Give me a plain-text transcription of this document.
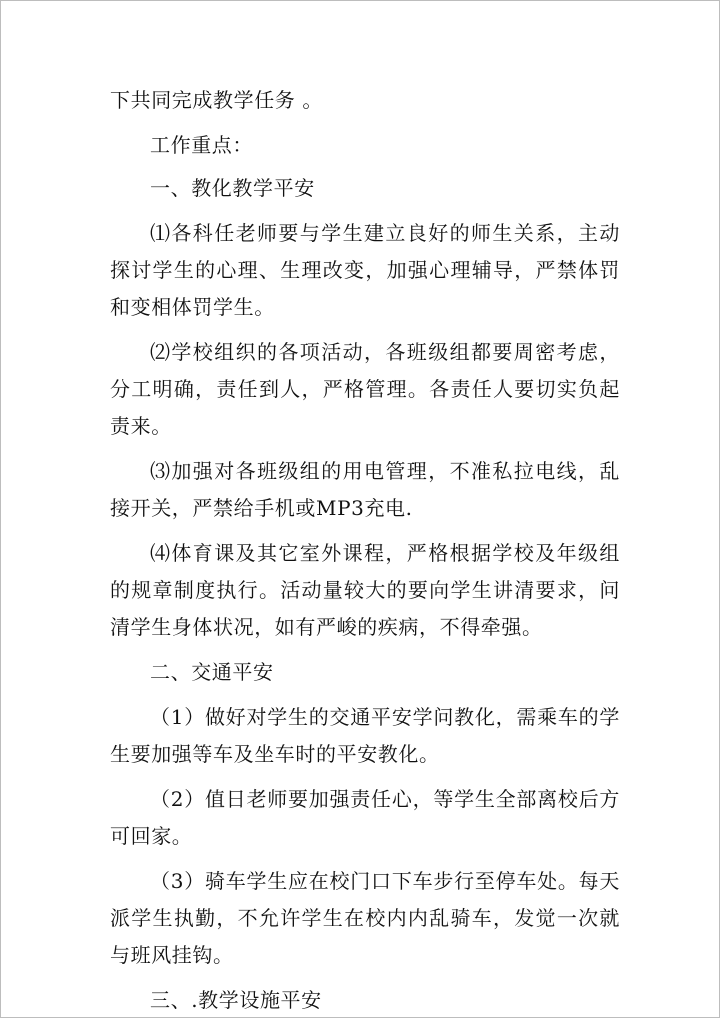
下共同完成教学任务 。

工作重点：

一、教化教学平安

⑴各科任老师要与学生建立良好的师生关系，主动探讨学生的心理、生理改变，加强心理辅导，严禁体罚和变相体罚学生。

⑵学校组织的各项活动，各班级组都要周密考虑，分工明确，责任到人，严格管理。各责任人要切实负起责来。

⑶加强对各班级组的用电管理，不准私拉电线，乱接开关，严禁给手机或MP3充电.

⑷体育课及其它室外课程，严格根据学校及年级组的规章制度执行。活动量较大的要向学生讲清要求，问清学生身体状况，如有严峻的疾病，不得牵强。

二、交通平安

（1）做好对学生的交通平安学问教化，需乘车的学生要加强等车及坐车时的平安教化。

（2）值日老师要加强责任心，等学生全部离校后方可回家。

（3）骑车学生应在校门口下车步行至停车处。每天派学生执勤，不允许学生在校内内乱骑车，发觉一次就与班风挂钩。

三、.教学设施平安
